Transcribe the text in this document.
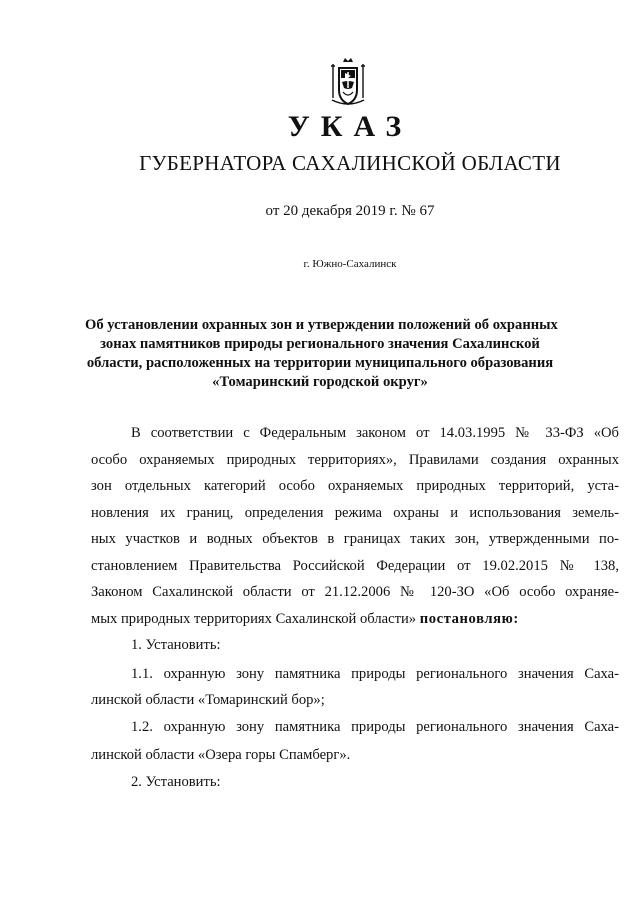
УКАЗ
ГУБЕРНАТОРА САХАЛИНСКОЙ ОБЛАСТИ
от 20 декабря 2019 г. № 67
г. Южно-Сахалинск
Об установлении охранных зон и утверждении положений об охранных
зонах памятников природы регионального значения Сахалинской
области, расположенных на территории муниципального образования
«Томаринский городской округ»
В соответствии с Федеральным законом от 14.03.1995 № 33-ФЗ «Об
особо охраняемых природных территориях», Правилами создания охранных
зон отдельных категорий особо охраняемых природных территорий, уста-
новления их границ, определения режима охраны и использования земель-
ных участков и водных объектов в границах таких зон, утвержденными по-
становлением Правительства Российской Федерации от 19.02.2015 № 138,
Законом Сахалинской области от 21.12.2006 № 120-ЗО «Об особо охраняе-
мых природных территориях Сахалинской области» постановляю:
1. Установить:
1.1. охранную зону памятника природы регионального значения Саха-
линской области «Томаринский бор»;
1.2. охранную зону памятника природы регионального значения Саха-
линской области «Озера горы Спамберг».
2. Установить:
